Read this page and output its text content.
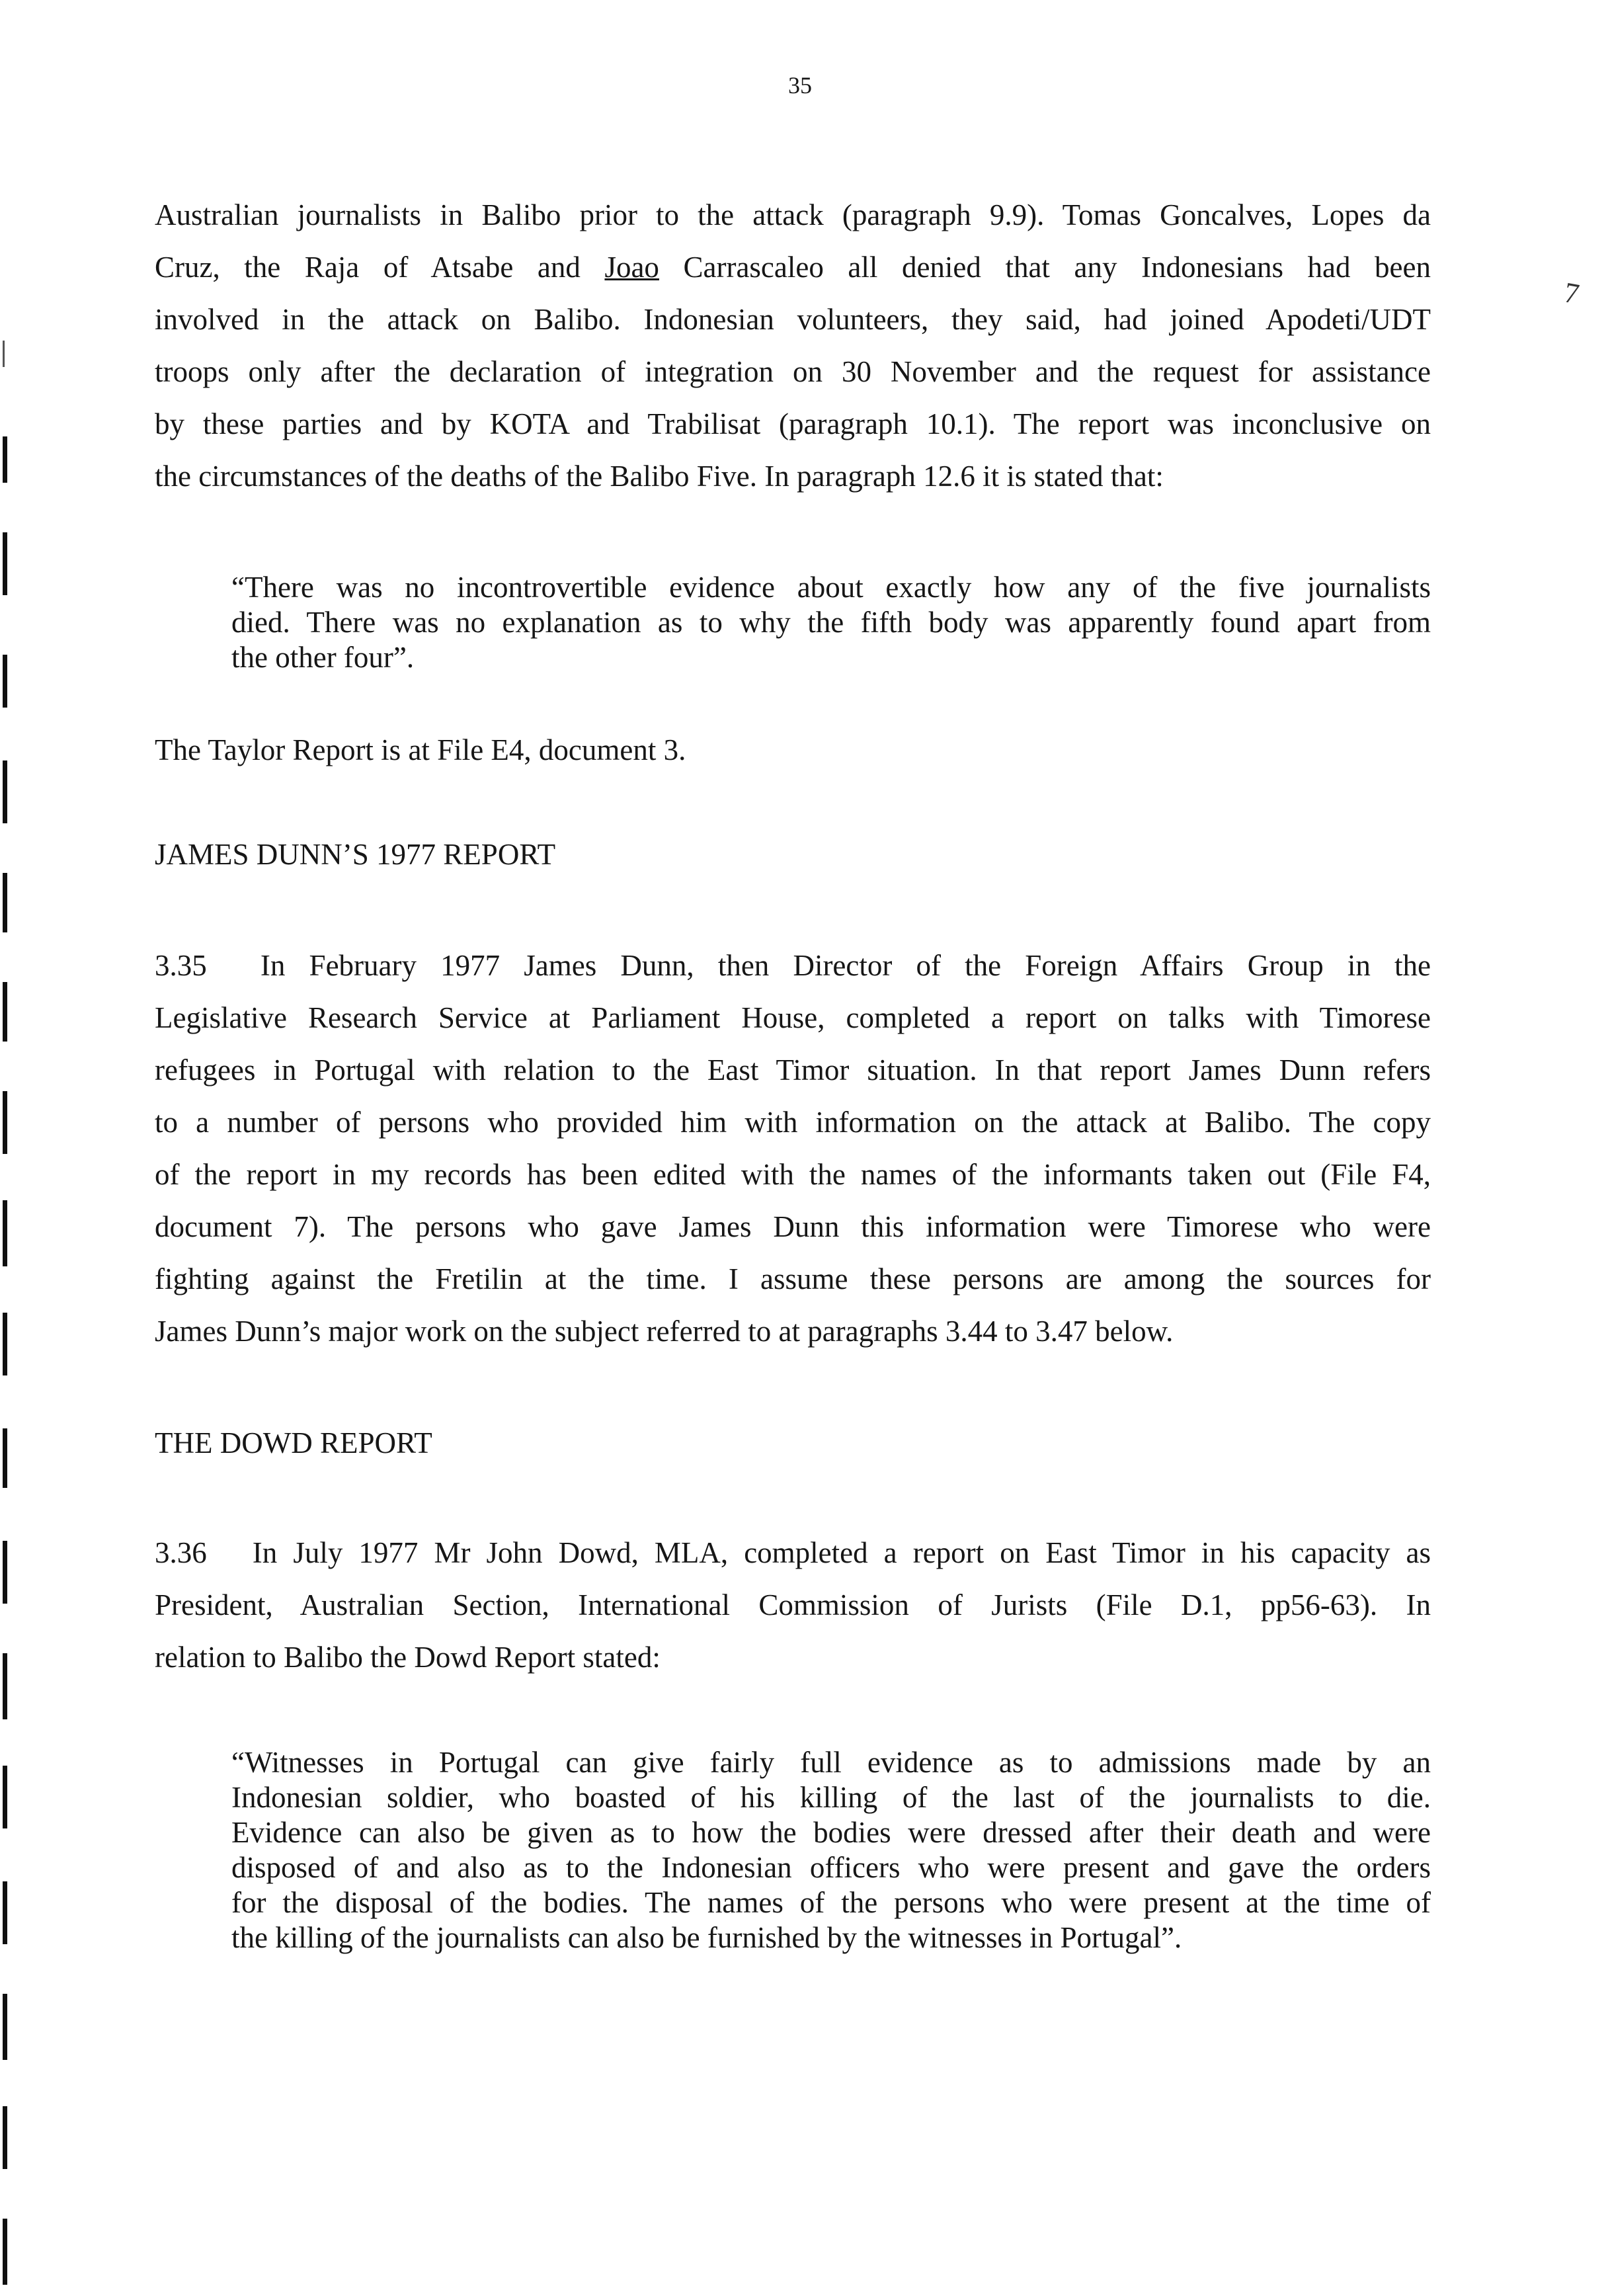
35
7
Australian journalists in Balibo prior to the attack (paragraph 9.9). Tomas Goncalves, Lopes da
Cruz, the Raja of Atsabe and Joao Carrascaleo all denied that any Indonesians had been
involved in the attack on Balibo. Indonesian volunteers, they said, had joined Apodeti/UDT
troops only after the declaration of integration on 30 November and the request for assistance
by these parties and by KOTA and Trabilisat (paragraph 10.1). The report was inconclusive on
the circumstances of the deaths of the Balibo Five. In paragraph 12.6 it is stated that:
“There was no incontrovertible evidence about exactly how any of the five journalists
died. There was no explanation as to why the fifth body was apparently found apart from
the other four”.
The Taylor Report is at File E4, document 3.
JAMES DUNN’S 1977 REPORT
3.35  In February 1977 James Dunn, then Director of the Foreign Affairs Group in the
Legislative Research Service at Parliament House, completed a report on talks with Timorese
refugees in Portugal with relation to the East Timor situation. In that report James Dunn refers
to a number of persons who provided him with information on the attack at Balibo. The copy
of the report in my records has been edited with the names of the informants taken out (File F4,
document 7). The persons who gave James Dunn this information were Timorese who were
fighting against the Fretilin at the time. I assume these persons are among the sources for
James Dunn’s major work on the subject referred to at paragraphs 3.44 to 3.47 below.
THE DOWD REPORT
3.36  In July 1977 Mr John Dowd, MLA, completed a report on East Timor in his capacity as
President, Australian Section, International Commission of Jurists (File D.1, pp56-63). In
relation to Balibo the Dowd Report stated:
“Witnesses in Portugal can give fairly full evidence as to admissions made by an
Indonesian soldier, who boasted of his killing of the last of the journalists to die.
Evidence can also be given as to how the bodies were dressed after their death and were
disposed of and also as to the Indonesian officers who were present and gave the orders
for the disposal of the bodies. The names of the persons who were present at the time of
the killing of the journalists can also be furnished by the witnesses in Portugal”.
